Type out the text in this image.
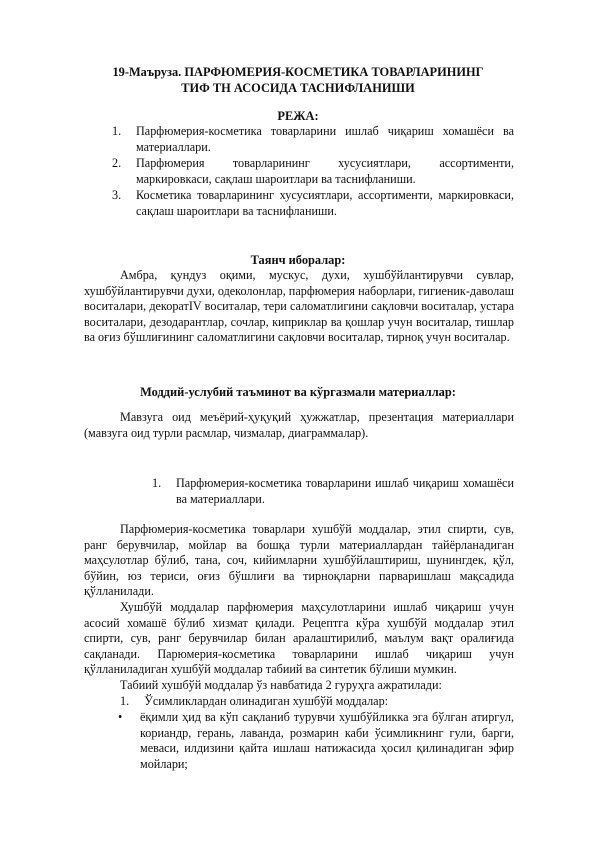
19-Маъруза. ПАРФЮМЕРИЯ-КОСМЕТИКА ТОВАРЛАРИНИНГ
ТИФ ТН АСОСИДА ТАСНИФЛАНИШИ
РЕЖА:
1. Парфюмерия-косметика товарларини ишлаб чиқариш хомашёси ва материаллари.
2. Парфюмерия товарларининг хусусиятлари, ассортименти, маркировкаси, сақлаш шароитлари ва таснифланиши.
3. Косметика товарларининг хусусиятлари, ассортименти, маркировкаси, сақлаш шароитлари ва таснифланиши.
Таянч иборалар:

Амбра, қундуз оқими, мускус, духи, хушбўйлантирувчи сувлар, хушбўйлантирувчи духи, одеколонлар, парфюмерия наборлари, гигиеник-даволаш воситалари, декоратIV воситалар, тери саломатлигини сақловчи воситалар, устара воситалари, дезодарантлар, сочлар, киприклар ва қошлар учун воситалар, тишлар ва оғиз бўшлиғининг саломатлигини сақловчи воситалар, тирноқ учун воситалар.

Моддий-услубий таъминот ва кўргазмали материаллар:

Мавзуга оид меъёрий-ҳуқуқий ҳужжатлар, презентация материаллари (мавзуга оид турли расмлар, чизмалар, диаграммалар).

1.	Парфюмерия-косметика товарларини ишлаб чиқариш хомашёси ва материаллари.

Парфюмерия-косметика товарлари хушбўй моддалар, этил спирти, сув, ранг берувчилар, мойлар ва бошқа турли материаллардан тайёрланадиган маҳсулотлар бўлиб, тана, соч, кийимларни хушбўйлаштириш, шунингдек, қўл, бўйин, юз териси, оғиз бўшлиғи ва тирноқларни парваришлаш мақсадида қўлланилади.

Хушбўй моддалар парфюмерия маҳсулотларини ишлаб чиқариш учун асосий хомашё бўлиб хизмат қилади. Рецептга кўра хушбўй моддалар этил спирти, сув, ранг берувчилар билан аралаштирилиб, маълум вақт оралиғида сақланади. Парюмерия-косметика товарларини ишлаб чиқариш учун қўлланиладиган хушбўй моддалар табиий ва синтетик бўлиши мумкин.

Табиий хушбўй моддалар ўз навбатида 2 гуруҳга ажратилади:

1. Ўсимликлардан олинадиган хушбўй моддалар:
•	ёқимли ҳид ва кўп сақланиб турувчи хушбўйликка эга бўлган атиргул, кориандр, герань, лаванда, розмарин каби ўсимликнинг гули, барги, меваси, илдизини қайта ишлаш натижасида ҳосил қилинадиган эфир мойлари;
